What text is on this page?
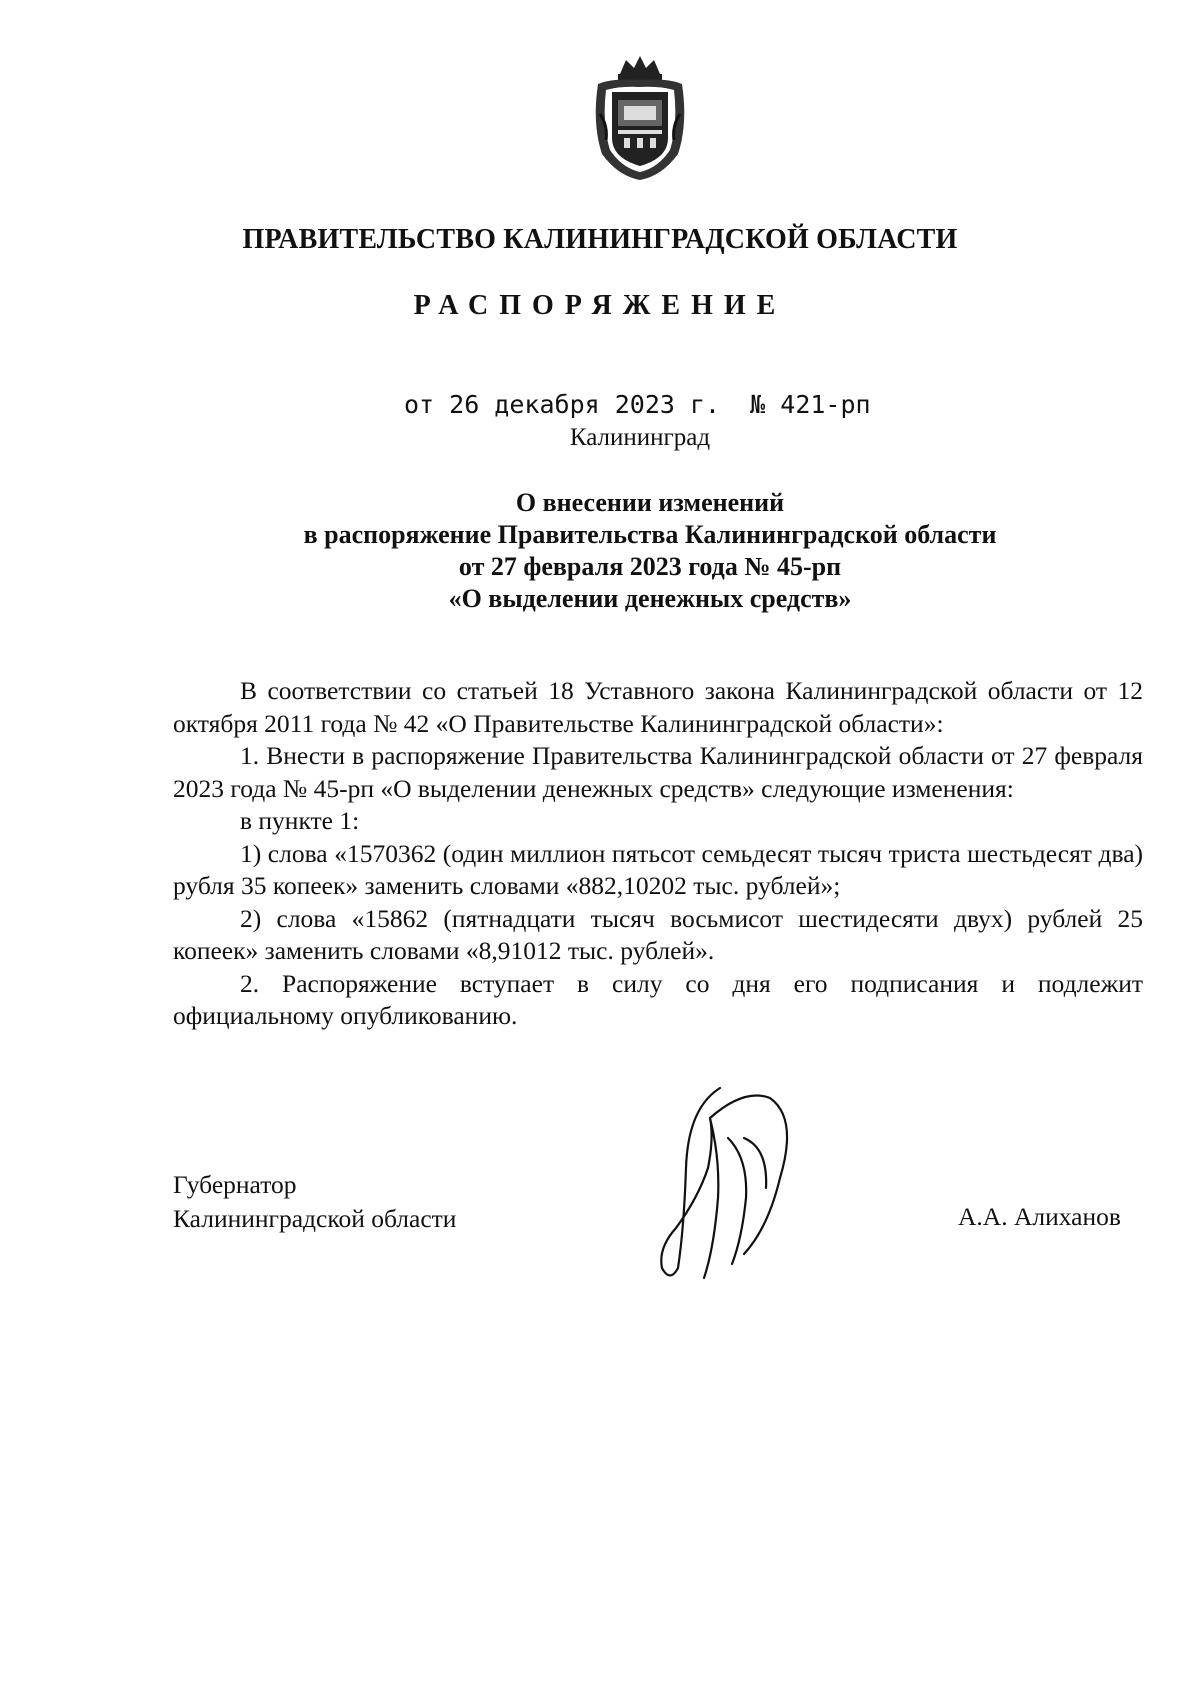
ПРАВИТЕЛЬСТВО КАЛИНИНГРАДСКОЙ ОБЛАСТИ
РАСПОРЯЖЕНИЕ
от 26 декабря 2023 г.  № 421-рп
Калининград
О внесении изменений
в распоряжение Правительства Калининградской области
от 27 февраля 2023 года № 45-рп
«О выделении денежных средств»

В соответствии со статьей 18 Уставного закона Калининградской области от 12 октября 2011 года № 42 «О Правительстве Калининградской области»:

1. Внести в распоряжение Правительства Калининградской области от 27 февраля 2023 года № 45-рп «О выделении денежных средств» следующие изменения:

в пункте 1:

1) слова «1570362 (один миллион пятьсот семьдесят тысяч триста шестьдесят два) рубля 35 копеек» заменить словами «882,10202 тыс. рублей»;

2) слова «15862 (пятнадцати тысяч восьмисот шестидесяти двух) рублей 25 копеек» заменить словами «8,91012 тыс. рублей».

2. Распоряжение вступает в силу со дня его подписания и подлежит официальному опубликованию.

Губернатор
Калининградской области	А.А. Алиханов
